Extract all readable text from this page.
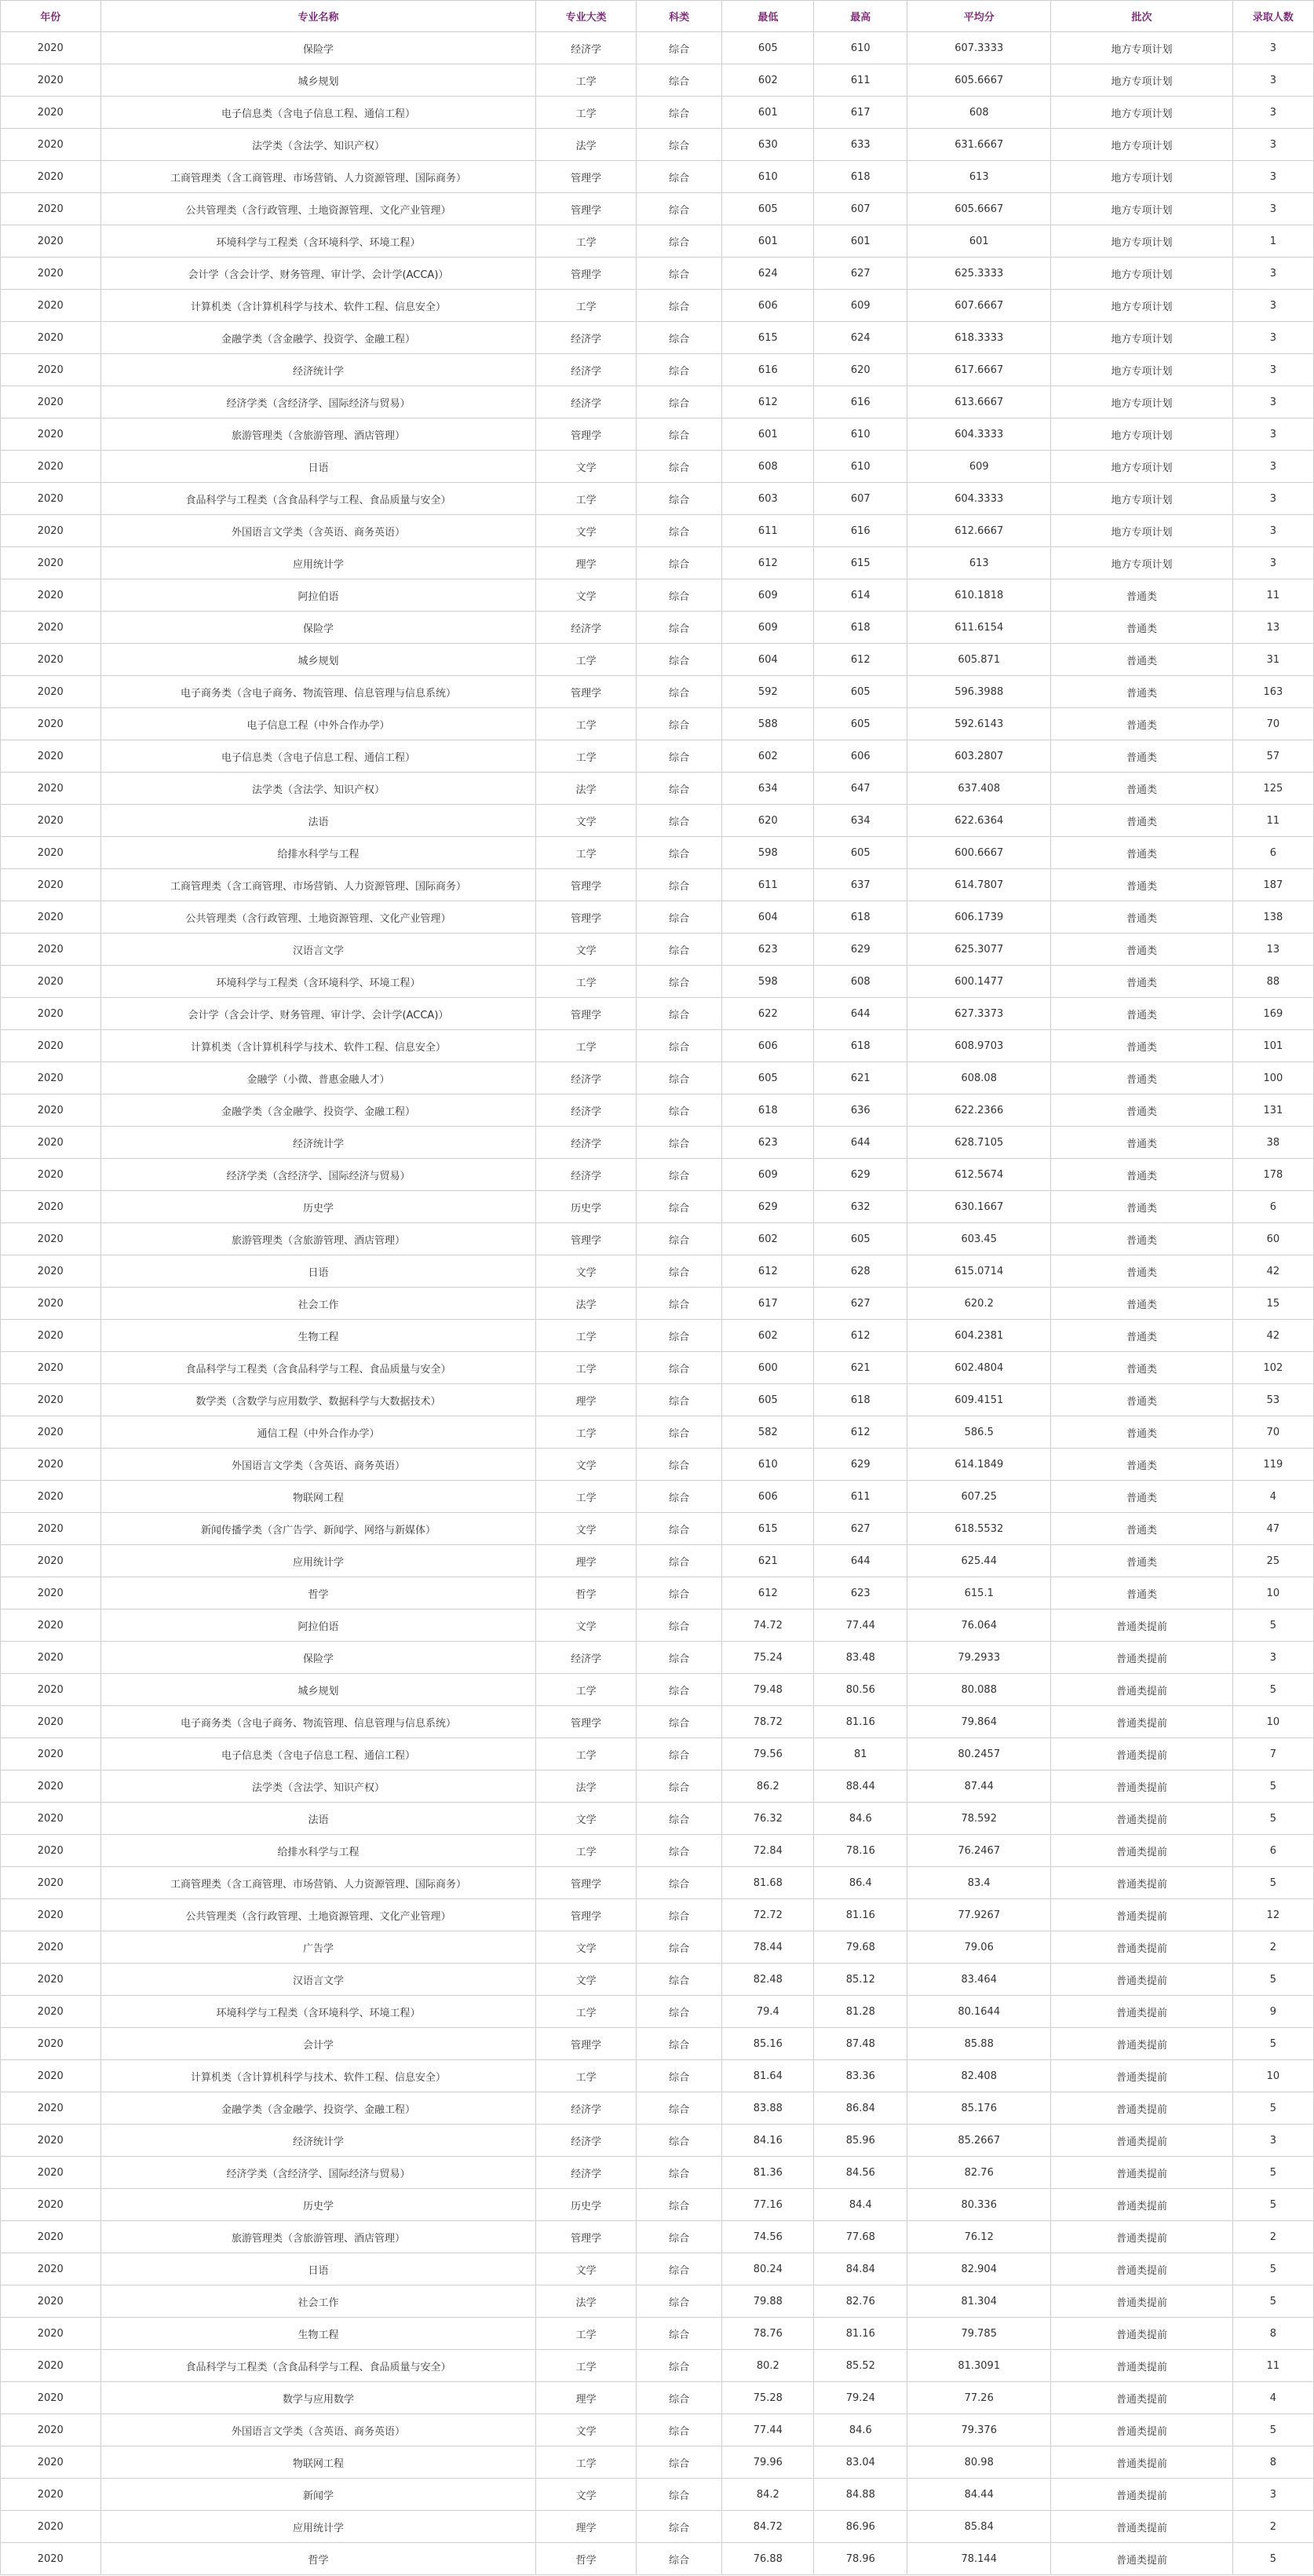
年份	专业名称	专业大类	科类	最低	最高	平均分	批次	录取人数
2020	保险学	经济学	综合	605	610	607.3333	地方专项计划	3
2020	城乡规划	工学	综合	602	611	605.6667	地方专项计划	3
2020	电子信息类（含电子信息工程、通信工程）	工学	综合	601	617	608	地方专项计划	3
2020	法学类（含法学、知识产权）	法学	综合	630	633	631.6667	地方专项计划	3
2020	工商管理类（含工商管理、市场营销、人力资源管理、国际商务）	管理学	综合	610	618	613	地方专项计划	3
2020	公共管理类（含行政管理、土地资源管理、文化产业管理）	管理学	综合	605	607	605.6667	地方专项计划	3
2020	环境科学与工程类（含环境科学、环境工程）	工学	综合	601	601	601	地方专项计划	1
2020	会计学（含会计学、财务管理、审计学、会计学(ACCA)）	管理学	综合	624	627	625.3333	地方专项计划	3
2020	计算机类（含计算机科学与技术、软件工程、信息安全）	工学	综合	606	609	607.6667	地方专项计划	3
2020	金融学类（含金融学、投资学、金融工程）	经济学	综合	615	624	618.3333	地方专项计划	3
2020	经济统计学	经济学	综合	616	620	617.6667	地方专项计划	3
2020	经济学类（含经济学、国际经济与贸易）	经济学	综合	612	616	613.6667	地方专项计划	3
2020	旅游管理类（含旅游管理、酒店管理）	管理学	综合	601	610	604.3333	地方专项计划	3
2020	日语	文学	综合	608	610	609	地方专项计划	3
2020	食品科学与工程类（含食品科学与工程、食品质量与安全）	工学	综合	603	607	604.3333	地方专项计划	3
2020	外国语言文学类（含英语、商务英语）	文学	综合	611	616	612.6667	地方专项计划	3
2020	应用统计学	理学	综合	612	615	613	地方专项计划	3
2020	阿拉伯语	文学	综合	609	614	610.1818	普通类	11
2020	保险学	经济学	综合	609	618	611.6154	普通类	13
2020	城乡规划	工学	综合	604	612	605.871	普通类	31
2020	电子商务类（含电子商务、物流管理、信息管理与信息系统）	管理学	综合	592	605	596.3988	普通类	163
2020	电子信息工程（中外合作办学）	工学	综合	588	605	592.6143	普通类	70
2020	电子信息类（含电子信息工程、通信工程）	工学	综合	602	606	603.2807	普通类	57
2020	法学类（含法学、知识产权）	法学	综合	634	647	637.408	普通类	125
2020	法语	文学	综合	620	634	622.6364	普通类	11
2020	给排水科学与工程	工学	综合	598	605	600.6667	普通类	6
2020	工商管理类（含工商管理、市场营销、人力资源管理、国际商务）	管理学	综合	611	637	614.7807	普通类	187
2020	公共管理类（含行政管理、土地资源管理、文化产业管理）	管理学	综合	604	618	606.1739	普通类	138
2020	汉语言文学	文学	综合	623	629	625.3077	普通类	13
2020	环境科学与工程类（含环境科学、环境工程）	工学	综合	598	608	600.1477	普通类	88
2020	会计学（含会计学、财务管理、审计学、会计学(ACCA)）	管理学	综合	622	644	627.3373	普通类	169
2020	计算机类（含计算机科学与技术、软件工程、信息安全）	工学	综合	606	618	608.9703	普通类	101
2020	金融学（小微、普惠金融人才）	经济学	综合	605	621	608.08	普通类	100
2020	金融学类（含金融学、投资学、金融工程）	经济学	综合	618	636	622.2366	普通类	131
2020	经济统计学	经济学	综合	623	644	628.7105	普通类	38
2020	经济学类（含经济学、国际经济与贸易）	经济学	综合	609	629	612.5674	普通类	178
2020	历史学	历史学	综合	629	632	630.1667	普通类	6
2020	旅游管理类（含旅游管理、酒店管理）	管理学	综合	602	605	603.45	普通类	60
2020	日语	文学	综合	612	628	615.0714	普通类	42
2020	社会工作	法学	综合	617	627	620.2	普通类	15
2020	生物工程	工学	综合	602	612	604.2381	普通类	42
2020	食品科学与工程类（含食品科学与工程、食品质量与安全）	工学	综合	600	621	602.4804	普通类	102
2020	数学类（含数学与应用数学、数据科学与大数据技术）	理学	综合	605	618	609.4151	普通类	53
2020	通信工程（中外合作办学）	工学	综合	582	612	586.5	普通类	70
2020	外国语言文学类（含英语、商务英语）	文学	综合	610	629	614.1849	普通类	119
2020	物联网工程	工学	综合	606	611	607.25	普通类	4
2020	新闻传播学类（含广告学、新闻学、网络与新媒体）	文学	综合	615	627	618.5532	普通类	47
2020	应用统计学	理学	综合	621	644	625.44	普通类	25
2020	哲学	哲学	综合	612	623	615.1	普通类	10
2020	阿拉伯语	文学	综合	74.72	77.44	76.064	普通类提前	5
2020	保险学	经济学	综合	75.24	83.48	79.2933	普通类提前	3
2020	城乡规划	工学	综合	79.48	80.56	80.088	普通类提前	5
2020	电子商务类（含电子商务、物流管理、信息管理与信息系统）	管理学	综合	78.72	81.16	79.864	普通类提前	10
2020	电子信息类（含电子信息工程、通信工程）	工学	综合	79.56	81	80.2457	普通类提前	7
2020	法学类（含法学、知识产权）	法学	综合	86.2	88.44	87.44	普通类提前	5
2020	法语	文学	综合	76.32	84.6	78.592	普通类提前	5
2020	给排水科学与工程	工学	综合	72.84	78.16	76.2467	普通类提前	6
2020	工商管理类（含工商管理、市场营销、人力资源管理、国际商务）	管理学	综合	81.68	86.4	83.4	普通类提前	5
2020	公共管理类（含行政管理、土地资源管理、文化产业管理）	管理学	综合	72.72	81.16	77.9267	普通类提前	12
2020	广告学	文学	综合	78.44	79.68	79.06	普通类提前	2
2020	汉语言文学	文学	综合	82.48	85.12	83.464	普通类提前	5
2020	环境科学与工程类（含环境科学、环境工程）	工学	综合	79.4	81.28	80.1644	普通类提前	9
2020	会计学	管理学	综合	85.16	87.48	85.88	普通类提前	5
2020	计算机类（含计算机科学与技术、软件工程、信息安全）	工学	综合	81.64	83.36	82.408	普通类提前	10
2020	金融学类（含金融学、投资学、金融工程）	经济学	综合	83.88	86.84	85.176	普通类提前	5
2020	经济统计学	经济学	综合	84.16	85.96	85.2667	普通类提前	3
2020	经济学类（含经济学、国际经济与贸易）	经济学	综合	81.36	84.56	82.76	普通类提前	5
2020	历史学	历史学	综合	77.16	84.4	80.336	普通类提前	5
2020	旅游管理类（含旅游管理、酒店管理）	管理学	综合	74.56	77.68	76.12	普通类提前	2
2020	日语	文学	综合	80.24	84.84	82.904	普通类提前	5
2020	社会工作	法学	综合	79.88	82.76	81.304	普通类提前	5
2020	生物工程	工学	综合	78.76	81.16	79.785	普通类提前	8
2020	食品科学与工程类（含食品科学与工程、食品质量与安全）	工学	综合	80.2	85.52	81.3091	普通类提前	11
2020	数学与应用数学	理学	综合	75.28	79.24	77.26	普通类提前	4
2020	外国语言文学类（含英语、商务英语）	文学	综合	77.44	84.6	79.376	普通类提前	5
2020	物联网工程	工学	综合	79.96	83.04	80.98	普通类提前	8
2020	新闻学	文学	综合	84.2	84.88	84.44	普通类提前	3
2020	应用统计学	理学	综合	84.72	86.96	85.84	普通类提前	2
2020	哲学	哲学	综合	76.88	78.96	78.144	普通类提前	5
